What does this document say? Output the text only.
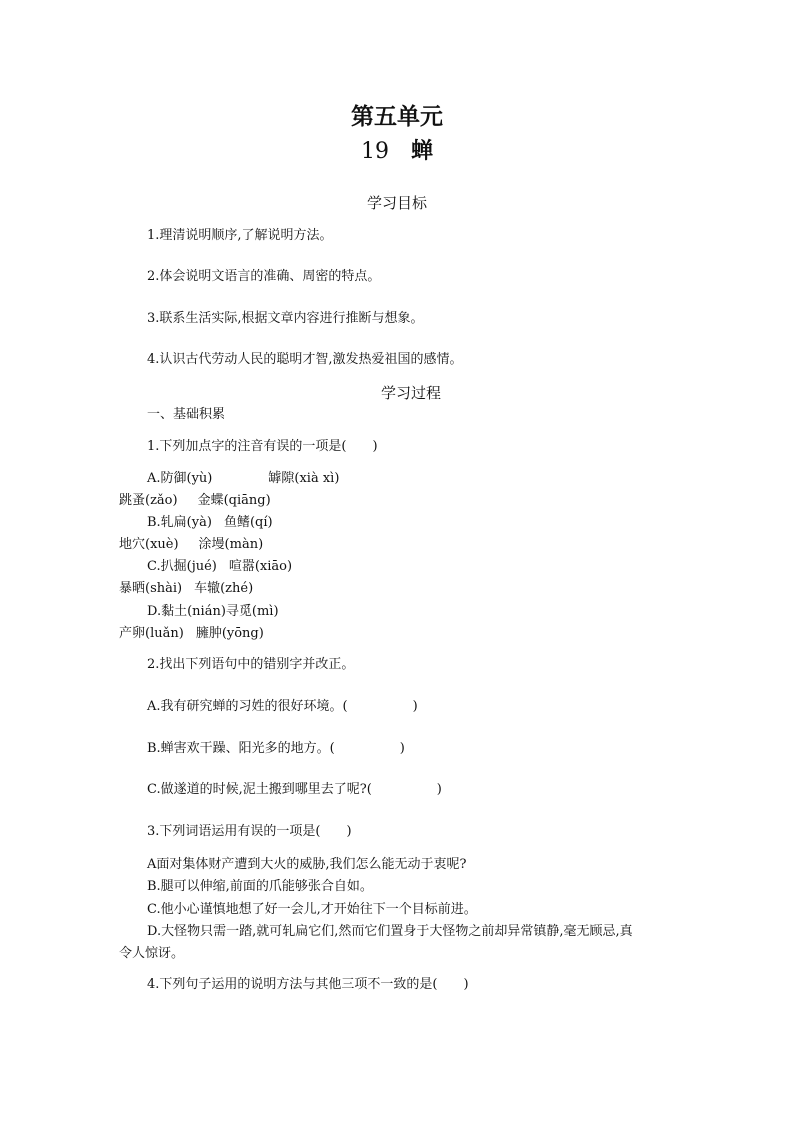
第五单元
19 蝉
学习目标
1.理清说明顺序,了解说明方法。
2.体会说明文语言的准确、周密的特点。
3.联系生活实际,根据文章内容进行推断与想象。
4.认识古代劳动人民的聪明才智,激发热爱祖国的感情。
学习过程
一、基础积累
1.下列加点字的注音有误的一项是(　　)
A.防御(yù)	罅隙(xià xì)
跳蚤(zǎo) 金蝶(qiāng)
B.轧扁(yà) 鱼鳍(qí)
地穴(xuè) 涂墁(màn)
C.扒掘(jué) 喧嚣(xiāo)
暴晒(shài) 车辙(zhé)
D.黏土(nián)寻觅(mì)
产卵(luǎn) 臃肿(yōng)
2.找出下列语句中的错别字并改正。
A.我有研究蝉的习姓的很好环境。(　　　　　)
B.蝉害欢干躁、阳光多的地方。(　　　　　)
C.做遂道的时候,泥土搬到哪里去了呢?(　　　　　)
3.下列词语运用有误的一项是(　　)
A面对集体财产遭到大火的威胁,我们怎么能无动于衷呢?
B.腿可以伸缩,前面的爪能够张合自如。
C.他小心谨慎地想了好一会儿,才开始往下一个目标前进。
D.大怪物只需一踏,就可轧扁它们,然而它们置身于大怪物之前却异常镇静,毫无顾忌,真
令人惊讶。
4.下列句子运用的说明方法与其他三项不一致的是(　　)
